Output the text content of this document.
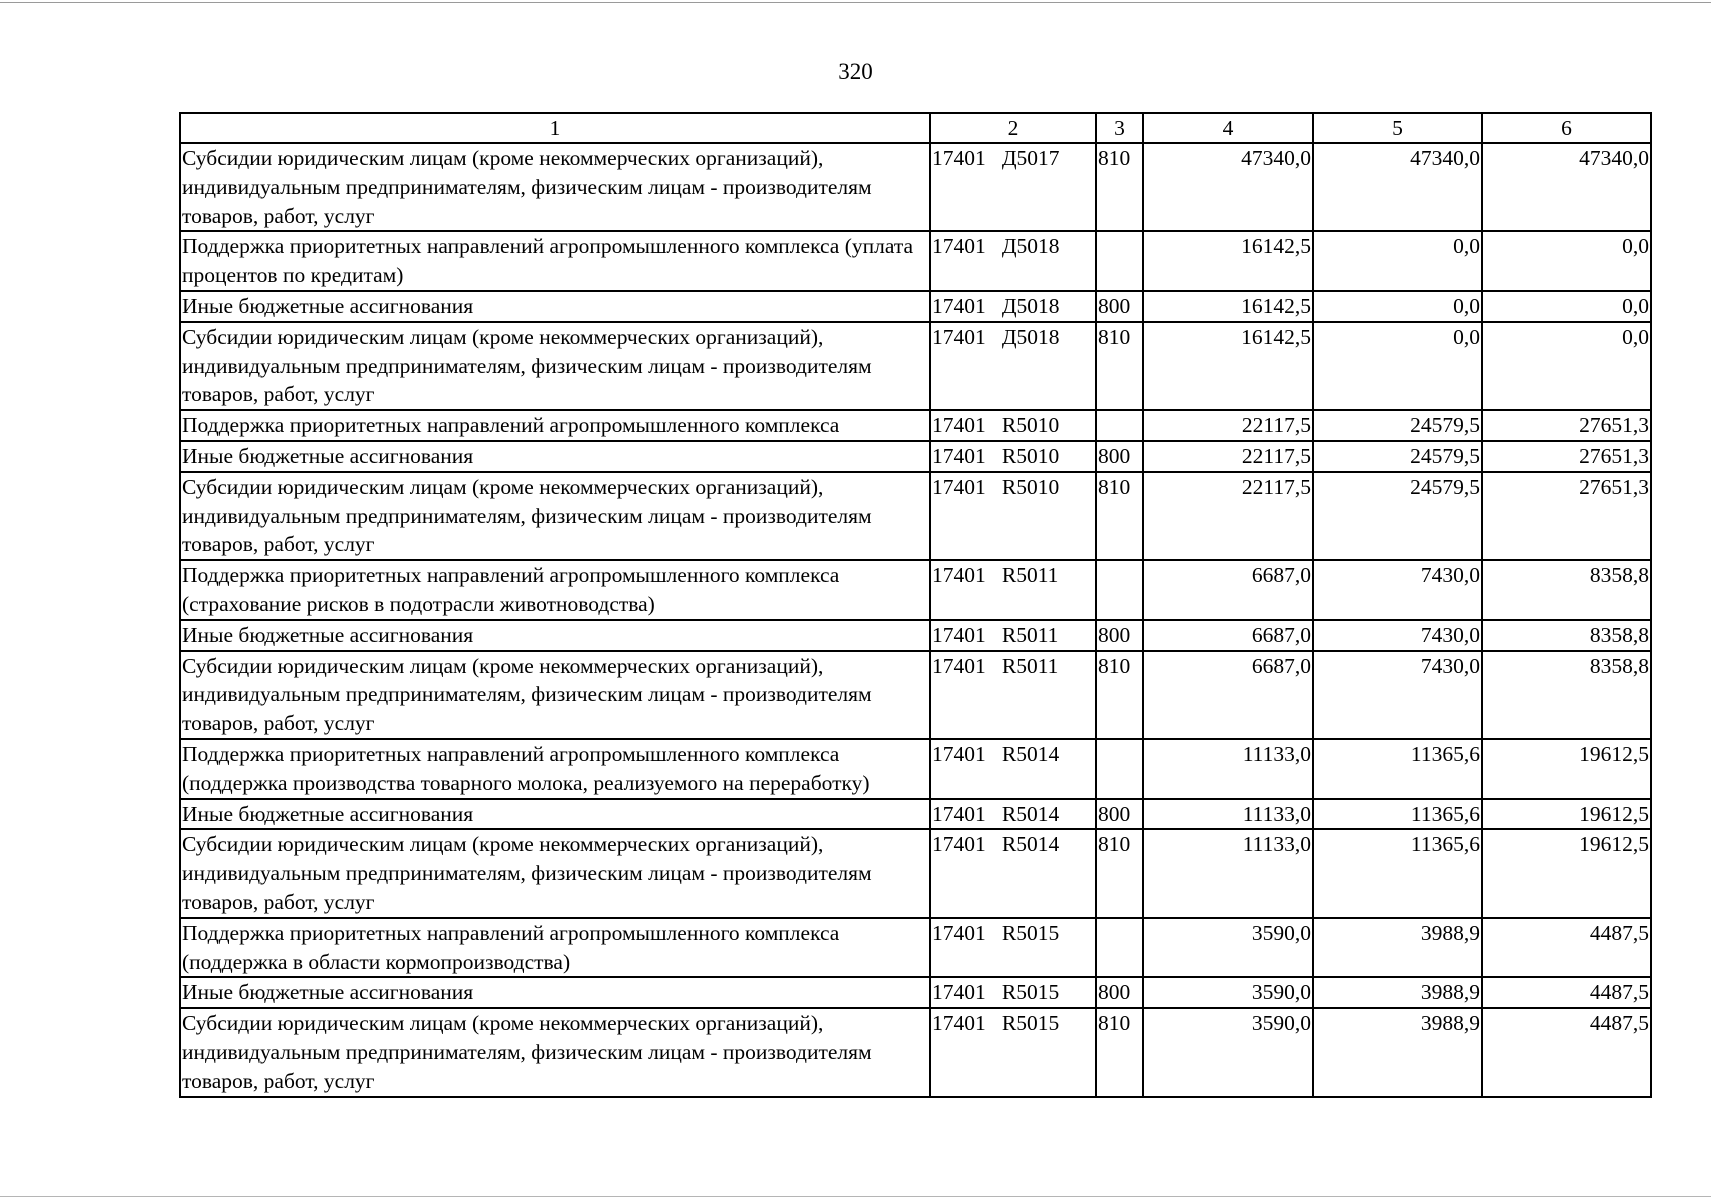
320
1	2	3	4	5	6
Субсидии юридическим лицам (кроме некоммерческих организаций), индивидуальным предпринимателям, физическим лицам - производителям товаров, работ, услуг	17401   Д5017	810	47340,0	47340,0	47340,0
Поддержка приоритетных направлений агропромышленного комплекса (уплата процентов по кредитам)	17401   Д5018		16142,5	0,0	0,0
Иные бюджетные ассигнования	17401   Д5018	800	16142,5	0,0	0,0
Субсидии юридическим лицам (кроме некоммерческих организаций), индивидуальным предпринимателям, физическим лицам - производителям товаров, работ, услуг	17401   Д5018	810	16142,5	0,0	0,0
Поддержка приоритетных направлений агропромышленного комплекса	17401   R5010		22117,5	24579,5	27651,3
Иные бюджетные ассигнования	17401   R5010	800	22117,5	24579,5	27651,3
Субсидии юридическим лицам (кроме некоммерческих организаций), индивидуальным предпринимателям, физическим лицам - производителям товаров, работ, услуг	17401   R5010	810	22117,5	24579,5	27651,3
Поддержка приоритетных направлений агропромышленного комплекса (страхование рисков в подотрасли животноводства)	17401   R5011		6687,0	7430,0	8358,8
Иные бюджетные ассигнования	17401   R5011	800	6687,0	7430,0	8358,8
Субсидии юридическим лицам (кроме некоммерческих организаций), индивидуальным предпринимателям, физическим лицам - производителям товаров, работ, услуг	17401   R5011	810	6687,0	7430,0	8358,8
Поддержка приоритетных направлений агропромышленного комплекса (поддержка производства товарного молока, реализуемого на переработку)	17401   R5014		11133,0	11365,6	19612,5
Иные бюджетные ассигнования	17401   R5014	800	11133,0	11365,6	19612,5
Субсидии юридическим лицам (кроме некоммерческих организаций), индивидуальным предпринимателям, физическим лицам - производителям товаров, работ, услуг	17401   R5014	810	11133,0	11365,6	19612,5
Поддержка приоритетных направлений агропромышленного комплекса (поддержка в области кормопроизводства)	17401   R5015		3590,0	3988,9	4487,5
Иные бюджетные ассигнования	17401   R5015	800	3590,0	3988,9	4487,5
Субсидии юридическим лицам (кроме некоммерческих организаций), индивидуальным предпринимателям, физическим лицам - производителям товаров, работ, услуг	17401   R5015	810	3590,0	3988,9	4487,5
